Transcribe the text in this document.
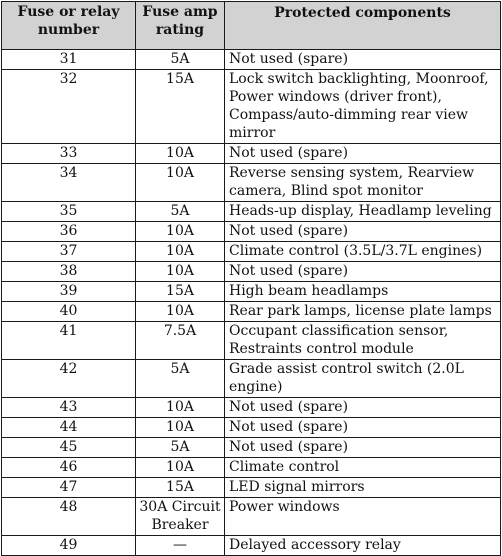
Fuse or relay number	Fuse amp rating	Protected components
31	5A	Not used (spare)
32	15A	Lock switch backlighting, Moonroof, Power windows (driver front), Compass/auto-dimming rear view mirror
33	10A	Not used (spare)
34	10A	Reverse sensing system, Rearview camera, Blind spot monitor
35	5A	Heads-up display, Headlamp leveling
36	10A	Not used (spare)
37	10A	Climate control (3.5L/3.7L engines)
38	10A	Not used (spare)
39	15A	High beam headlamps
40	10A	Rear park lamps, license plate lamps
41	7.5A	Occupant classification sensor, Restraints control module
42	5A	Grade assist control switch (2.0L engine)
43	10A	Not used (spare)
44	10A	Not used (spare)
45	5A	Not used (spare)
46	10A	Climate control
47	15A	LED signal mirrors
48	30A Circuit Breaker	Power windows
49	—	Delayed accessory relay
